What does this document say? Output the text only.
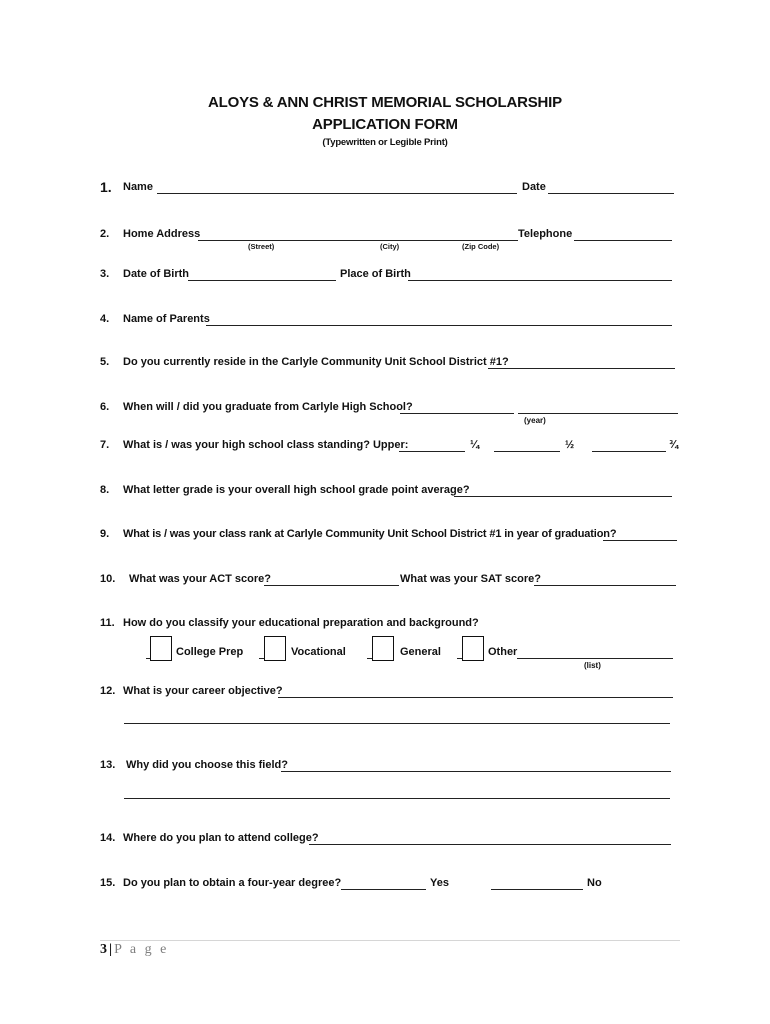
ALOYS & ANN CHRIST MEMORIAL SCHOLARSHIP
APPLICATION FORM
(Typewritten or Legible Print)
1. Name	Date
2. Home Address	Telephone
(Street)	(City)	(Zip Code)
3. Date of Birth	Place of Birth
4. Name of Parents
5. Do you currently reside in the Carlyle Community Unit School District #1?
6. When will / did you graduate from Carlyle High School?
(year)
7. What is / was your high school class standing? Upper:	¼	½	¾
8. What letter grade is your overall high school grade point average?
9. What is / was your class rank at Carlyle Community Unit School District #1 in year of graduation?
10. What was your ACT score?	What was your SAT score?
11. How do you classify your educational preparation and background?
College Prep	Vocational	General	Other
(list)
12. What is your career objective?
13. Why did you choose this field?
14. Where do you plan to attend college?
15. Do you plan to obtain a four-year degree?	Yes	No
3 | P a g e
